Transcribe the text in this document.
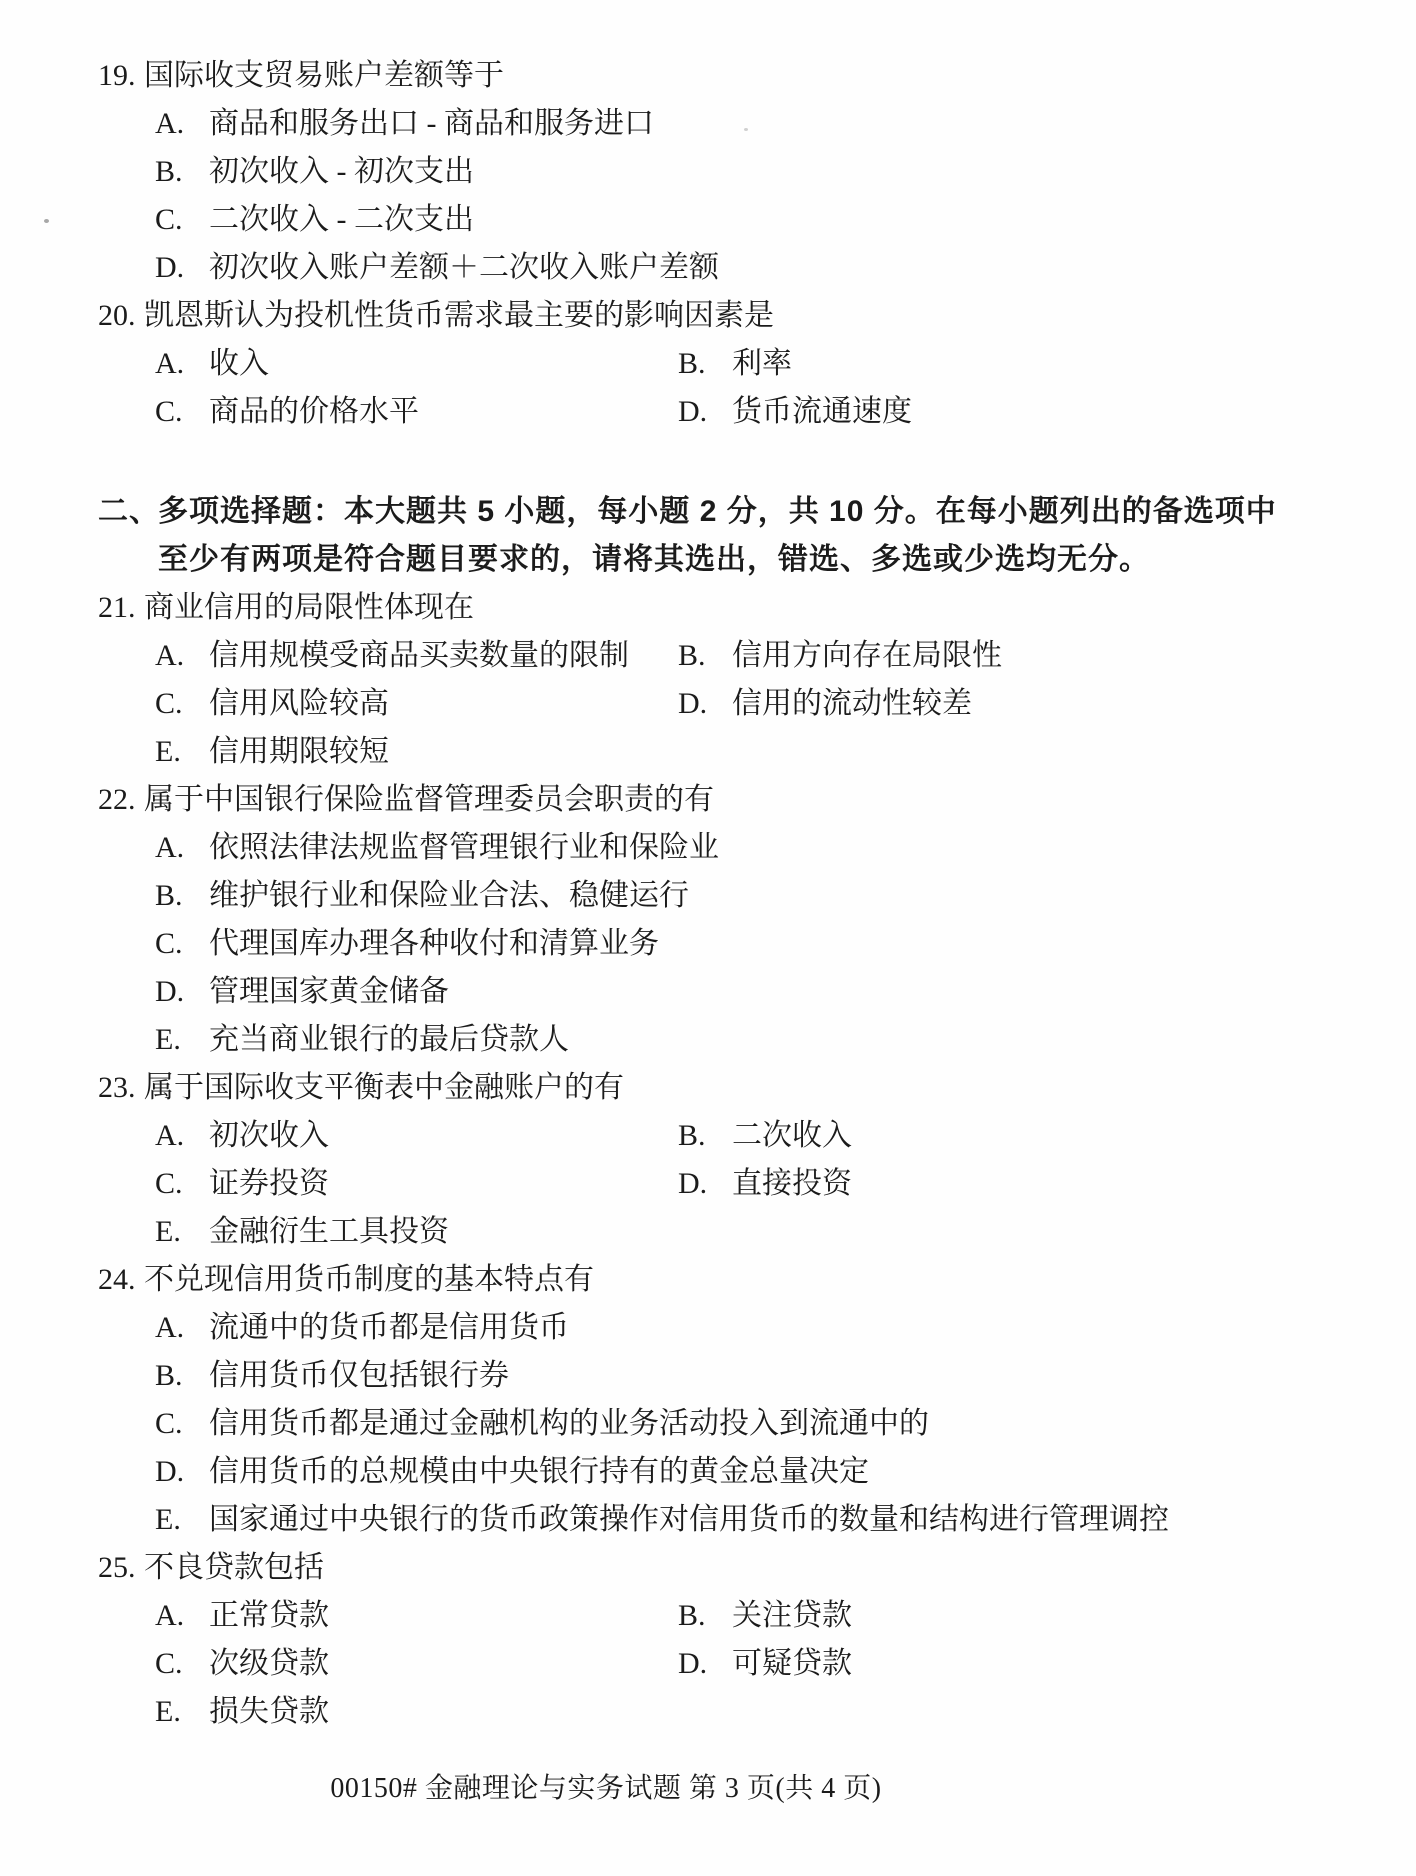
19. 国际收支贸易账户差额等于
A. 商品和服务出口 - 商品和服务进口
B. 初次收入 - 初次支出
C. 二次收入 - 二次支出
D. 初次收入账户差额＋二次收入账户差额
20. 凯恩斯认为投机性货币需求最主要的影响因素是
A. 收入	B. 利率
C. 商品的价格水平	D. 货币流通速度
二、
多项选择题：本大题共 5 小题，每小题 2 分，共 10 分。在每小题列出的备选项中
至少有两项是符合题目要求的，请将其选出，错选、多选或少选均无分。
21. 商业信用的局限性体现在
A. 信用规模受商品买卖数量的限制	B. 信用方向存在局限性
C. 信用风险较高	D. 信用的流动性较差
E. 信用期限较短
22. 属于中国银行保险监督管理委员会职责的有
A. 依照法律法规监督管理银行业和保险业
B. 维护银行业和保险业合法、稳健运行
C. 代理国库办理各种收付和清算业务
D. 管理国家黄金储备
E. 充当商业银行的最后贷款人
23. 属于国际收支平衡表中金融账户的有
A. 初次收入	B. 二次收入
C. 证券投资	D. 直接投资
E. 金融衍生工具投资
24. 不兑现信用货币制度的基本特点有
A. 流通中的货币都是信用货币
B. 信用货币仅包括银行券
C. 信用货币都是通过金融机构的业务活动投入到流通中的
D. 信用货币的总规模由中央银行持有的黄金总量决定
E. 国家通过中央银行的货币政策操作对信用货币的数量和结构进行管理调控
25. 不良贷款包括
A. 正常贷款	B. 关注贷款
C. 次级贷款	D. 可疑贷款
E. 损失贷款
00150# 金融理论与实务试题 第 3 页(共 4 页)
